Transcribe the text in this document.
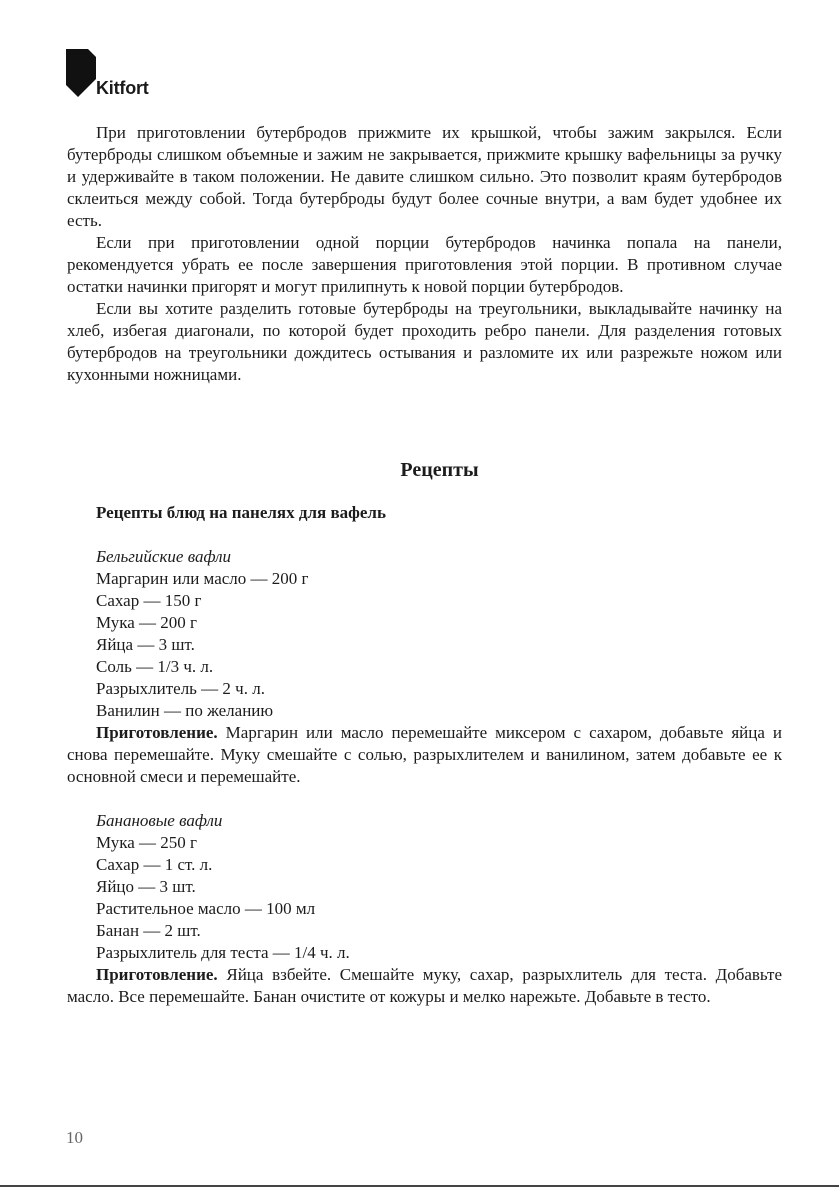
Kitfort

При приготовлении бутербродов прижмите их крышкой, чтобы зажим закрылся. Если бутерброды слишком объемные и зажим не закрывается, прижмите крышку вафельницы за ручку и удерживайте в таком положении. Не давите слишком сильно. Это позволит краям бутербродов склеиться между собой. Тогда бутерброды будут более сочные внутри, а вам будет удобнее их есть.

Если при приготовлении одной порции бутербродов начинка попала на панели, рекомендуется убрать ее после завершения приготовления этой порции. В противном случае остатки начинки пригорят и могут прилипнуть к новой порции бутербродов.

Если вы хотите разделить готовые бутерброды на треугольники, выкладывайте начинку на хлеб, избегая диагонали, по которой будет проходить ребро панели. Для разделения готовых бутербродов на треугольники дождитесь остывания и разломите их или разрежьте ножом или кухонными ножницами.

Рецепты

Рецепты блюд на панелях для вафель

Бельгийские вафли

Маргарин или масло — 200 г

Сахар — 150 г

Мука — 200 г

Яйца — 3 шт.

Соль — 1/3 ч. л.

Разрыхлитель — 2 ч. л.

Ванилин — по желанию

Приготовление. Маргарин или масло перемешайте миксером с сахаром, добавьте яйца и снова перемешайте. Муку смешайте с солью, разрыхлителем и ванилином, затем добавьте ее к основной смеси и перемешайте.

Банановые вафли

Мука — 250 г

Сахар — 1 ст. л.

Яйцо — 3 шт.

Растительное масло — 100 мл

Банан — 2 шт.

Разрыхлитель для теста — 1/4 ч. л.

Приготовление. Яйца взбейте. Смешайте муку, сахар, разрыхлитель для теста. Добавьте масло. Все перемешайте. Банан очистите от кожуры и мелко нарежьте. Добавьте в тесто.

10
